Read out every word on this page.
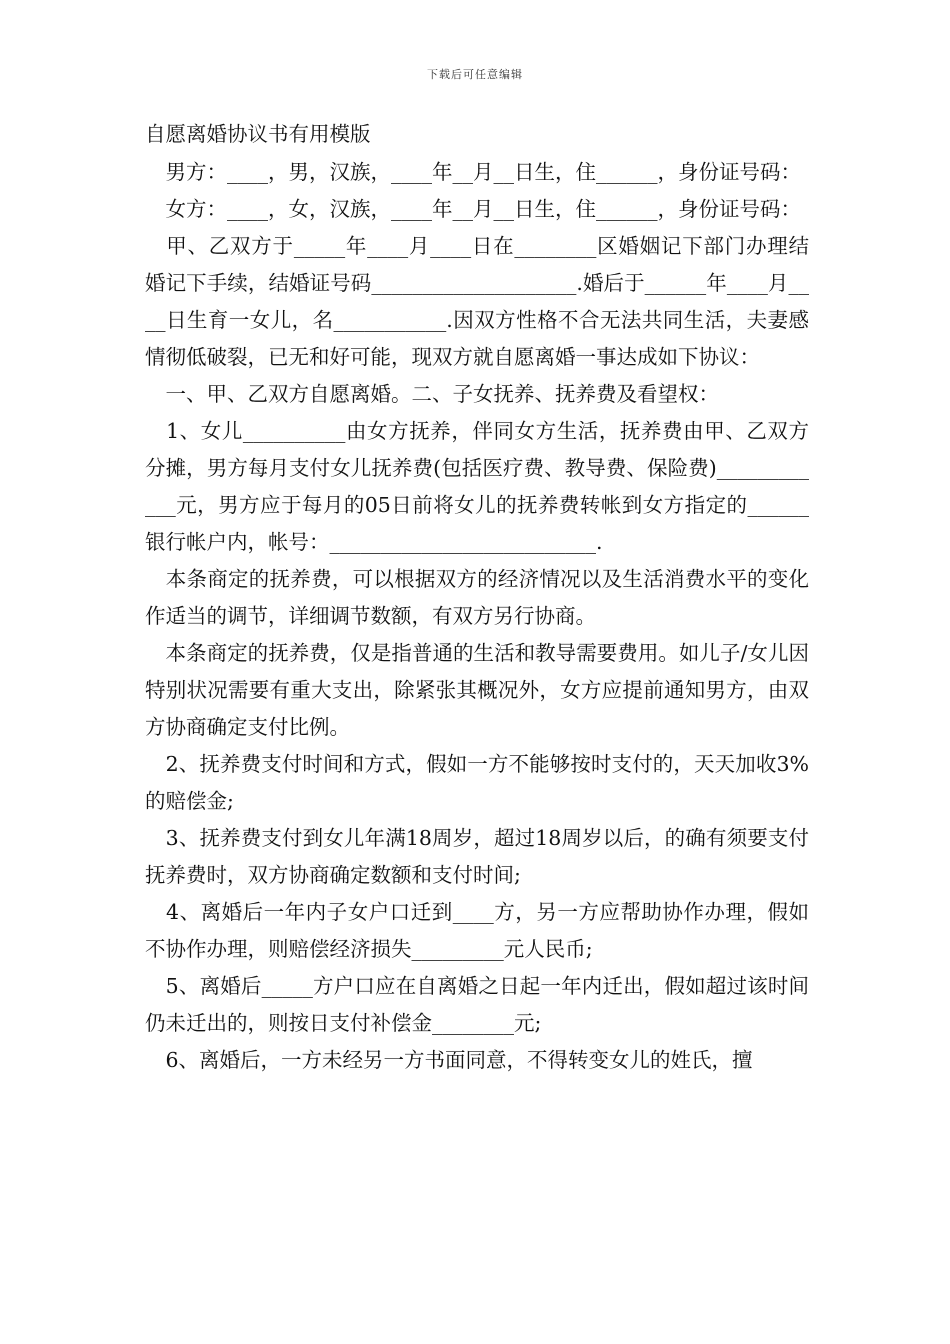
下载后可任意编辑

自愿离婚协议书有用模版

　男方：____，男，汉族，____年__月__日生，住______，身份证号码：

　女方：____，女，汉族，____年__月__日生，住______，身份证号码：

　甲、乙双方于_____年____月____日在________区婚姻记下部门办理结婚记下手续，结婚证号码____________________.婚后于______年____月____日生育一女儿，名___________.因双方性格不合无法共同生活，夫妻感情彻低破裂，已无和好可能，现双方就自愿离婚一事达成如下协议：

　一、甲、乙双方自愿离婚。二、子女抚养、抚养费及看望权：

　1、女儿__________由女方抚养，伴同女方生活，抚养费由甲、乙双方分摊，男方每月支付女儿抚养费(包括医疗费、教导费、保险费)____________元，男方应于每月的05日前将女儿的抚养费转帐到女方指定的______银行帐户内，帐号：__________________________.

　本条商定的抚养费，可以根据双方的经济情况以及生活消费水平的变化作适当的调节，详细调节数额，有双方另行协商。

　本条商定的抚养费，仅是指普通的生活和教导需要费用。如儿子/女儿因特别状况需要有重大支出，除紧张其概况外，女方应提前通知男方，由双方协商确定支付比例。

　2、抚养费支付时间和方式，假如一方不能够按时支付的，天天加收3%的赔偿金;

　3、抚养费支付到女儿年满18周岁，超过18周岁以后，的确有须要支付抚养费时，双方协商确定数额和支付时间;

　4、离婚后一年内子女户口迁到____方，另一方应帮助协作办理，假如不协作办理，则赔偿经济损失_________元人民币;

　5、离婚后_____方户口应在自离婚之日起一年内迁出，假如超过该时间仍未迁出的，则按日支付补偿金________元;

　6、离婚后，一方未经另一方书面同意，不得转变女儿的姓氏，擅
